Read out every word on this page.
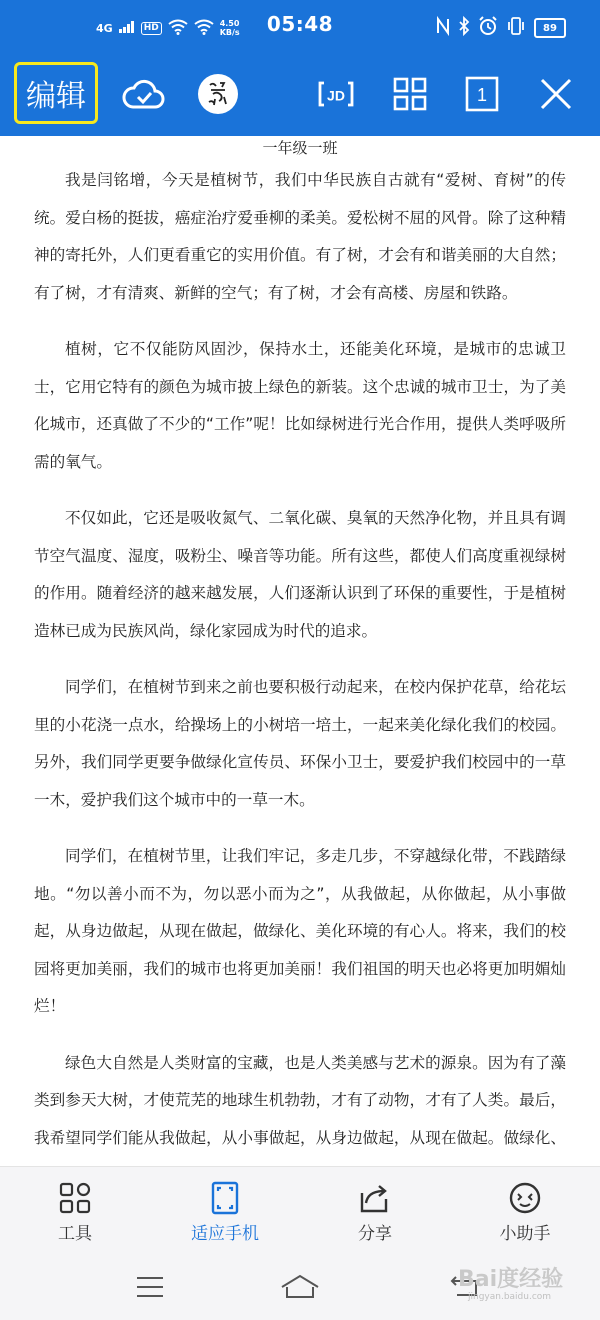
4G	HD	4.50
KB/s	05:48	89
编辑	JD	1
一年级一班

我是闫铭增，今天是植树节，我们中华民族自古就有“爱树、育树”的传统。爱白杨的挺拔，癌症治疗爱垂柳的柔美。爱松树不屈的风骨。除了这种精神的寄托外，人们更看重它的实用价值。有了树，才会有和谐美丽的大自然；有了树，才有清爽、新鲜的空气；有了树，才会有高楼、房屋和铁路。

植树，它不仅能防风固沙，保持水土，还能美化环境，是城市的忠诚卫士，它用它特有的颜色为城市披上绿色的新装。这个忠诚的城市卫士，为了美化城市，还真做了不少的“工作”呢！比如绿树进行光合作用，提供人类呼吸所需的氧气。

不仅如此，它还是吸收氮气、二氧化碳、臭氧的天然净化物，并且具有调节空气温度、湿度，吸粉尘、噪音等功能。所有这些，都使人们高度重视绿树的作用。随着经济的越来越发展，人们逐渐认识到了环保的重要性，于是植树造林已成为民族风尚，绿化家园成为时代的追求。

同学们，在植树节到来之前也要积极行动起来，在校内保护花草，给花坛里的小花浇一点水，给操场上的小树培一培土，一起来美化绿化我们的校园。另外，我们同学更要争做绿化宣传员、环保小卫士，要爱护我们校园中的一草一木，爱护我们这个城市中的一草一木。

同学们，在植树节里，让我们牢记，多走几步，不穿越绿化带，不践踏绿地。“勿以善小而不为，勿以恶小而为之”，从我做起，从你做起，从小事做起，从身边做起，从现在做起，做绿化、美化环境的有心人。将来，我们的校园将更加美丽，我们的城市也将更加美丽！我们祖国的明天也必将更加明媚灿烂！

绿色大自然是人类财富的宝藏，也是人类美感与艺术的源泉。因为有了藻类到参天大树，才使荒芜的地球生机勃勃，才有了动物，才有了人类。最后，我希望同学们能从我做起，从小事做起，从身边做起，从现在做起。做绿化、

工具	适应手机	分享	小助手
Bai度经验
jingyan.baidu.com
